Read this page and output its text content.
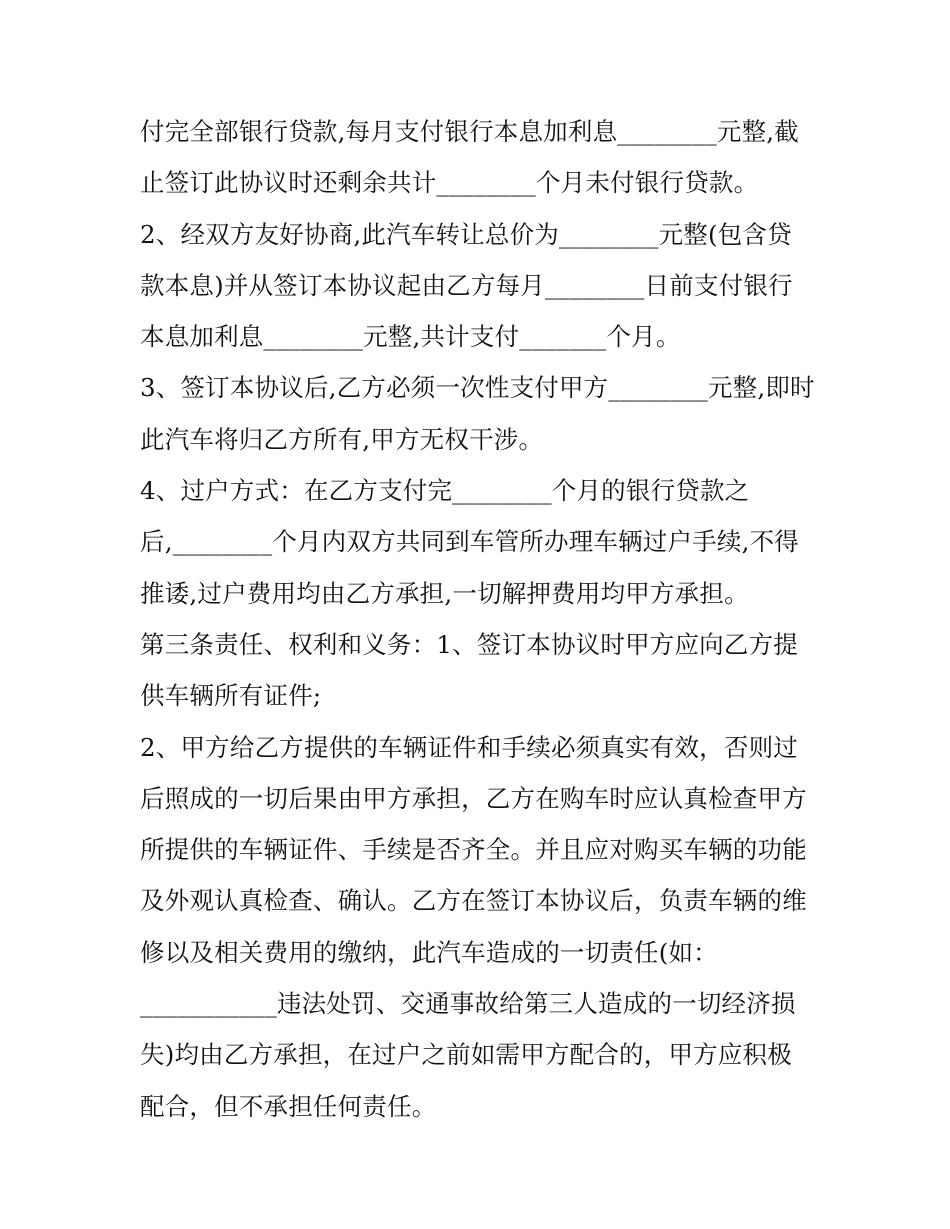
付完全部银行贷款,每月支付银行本息加利息________元整,截
止签订此协议时还剩余共计________个月未付银行贷款。
2、经双方友好协商,此汽车转让总价为________元整(包含贷
款本息)并从签订本协议起由乙方每月________日前支付银行
本息加利息________元整,共计支付_______个月。
3、签订本协议后,乙方必须一次性支付甲方________元整,即时
此汽车将归乙方所有,甲方无权干涉。
4、过户方式：在乙方支付完________个月的银行贷款之
后,________个月内双方共同到车管所办理车辆过户手续,不得
推诿,过户费用均由乙方承担,一切解押费用均甲方承担。
第三条责任、权利和义务：1、签订本协议时甲方应向乙方提
供车辆所有证件;
2、甲方给乙方提供的车辆证件和手续必须真实有效，否则过
后照成的一切后果由甲方承担，乙方在购车时应认真检查甲方
所提供的车辆证件、手续是否齐全。并且应对购买车辆的功能
及外观认真检查、确认。乙方在签订本协议后，负责车辆的维
修以及相关费用的缴纳，此汽车造成的一切责任(如：
___________违法处罚、交通事故给第三人造成的一切经济损
失)均由乙方承担，在过户之前如需甲方配合的，甲方应积极
配合，但不承担任何责任。
